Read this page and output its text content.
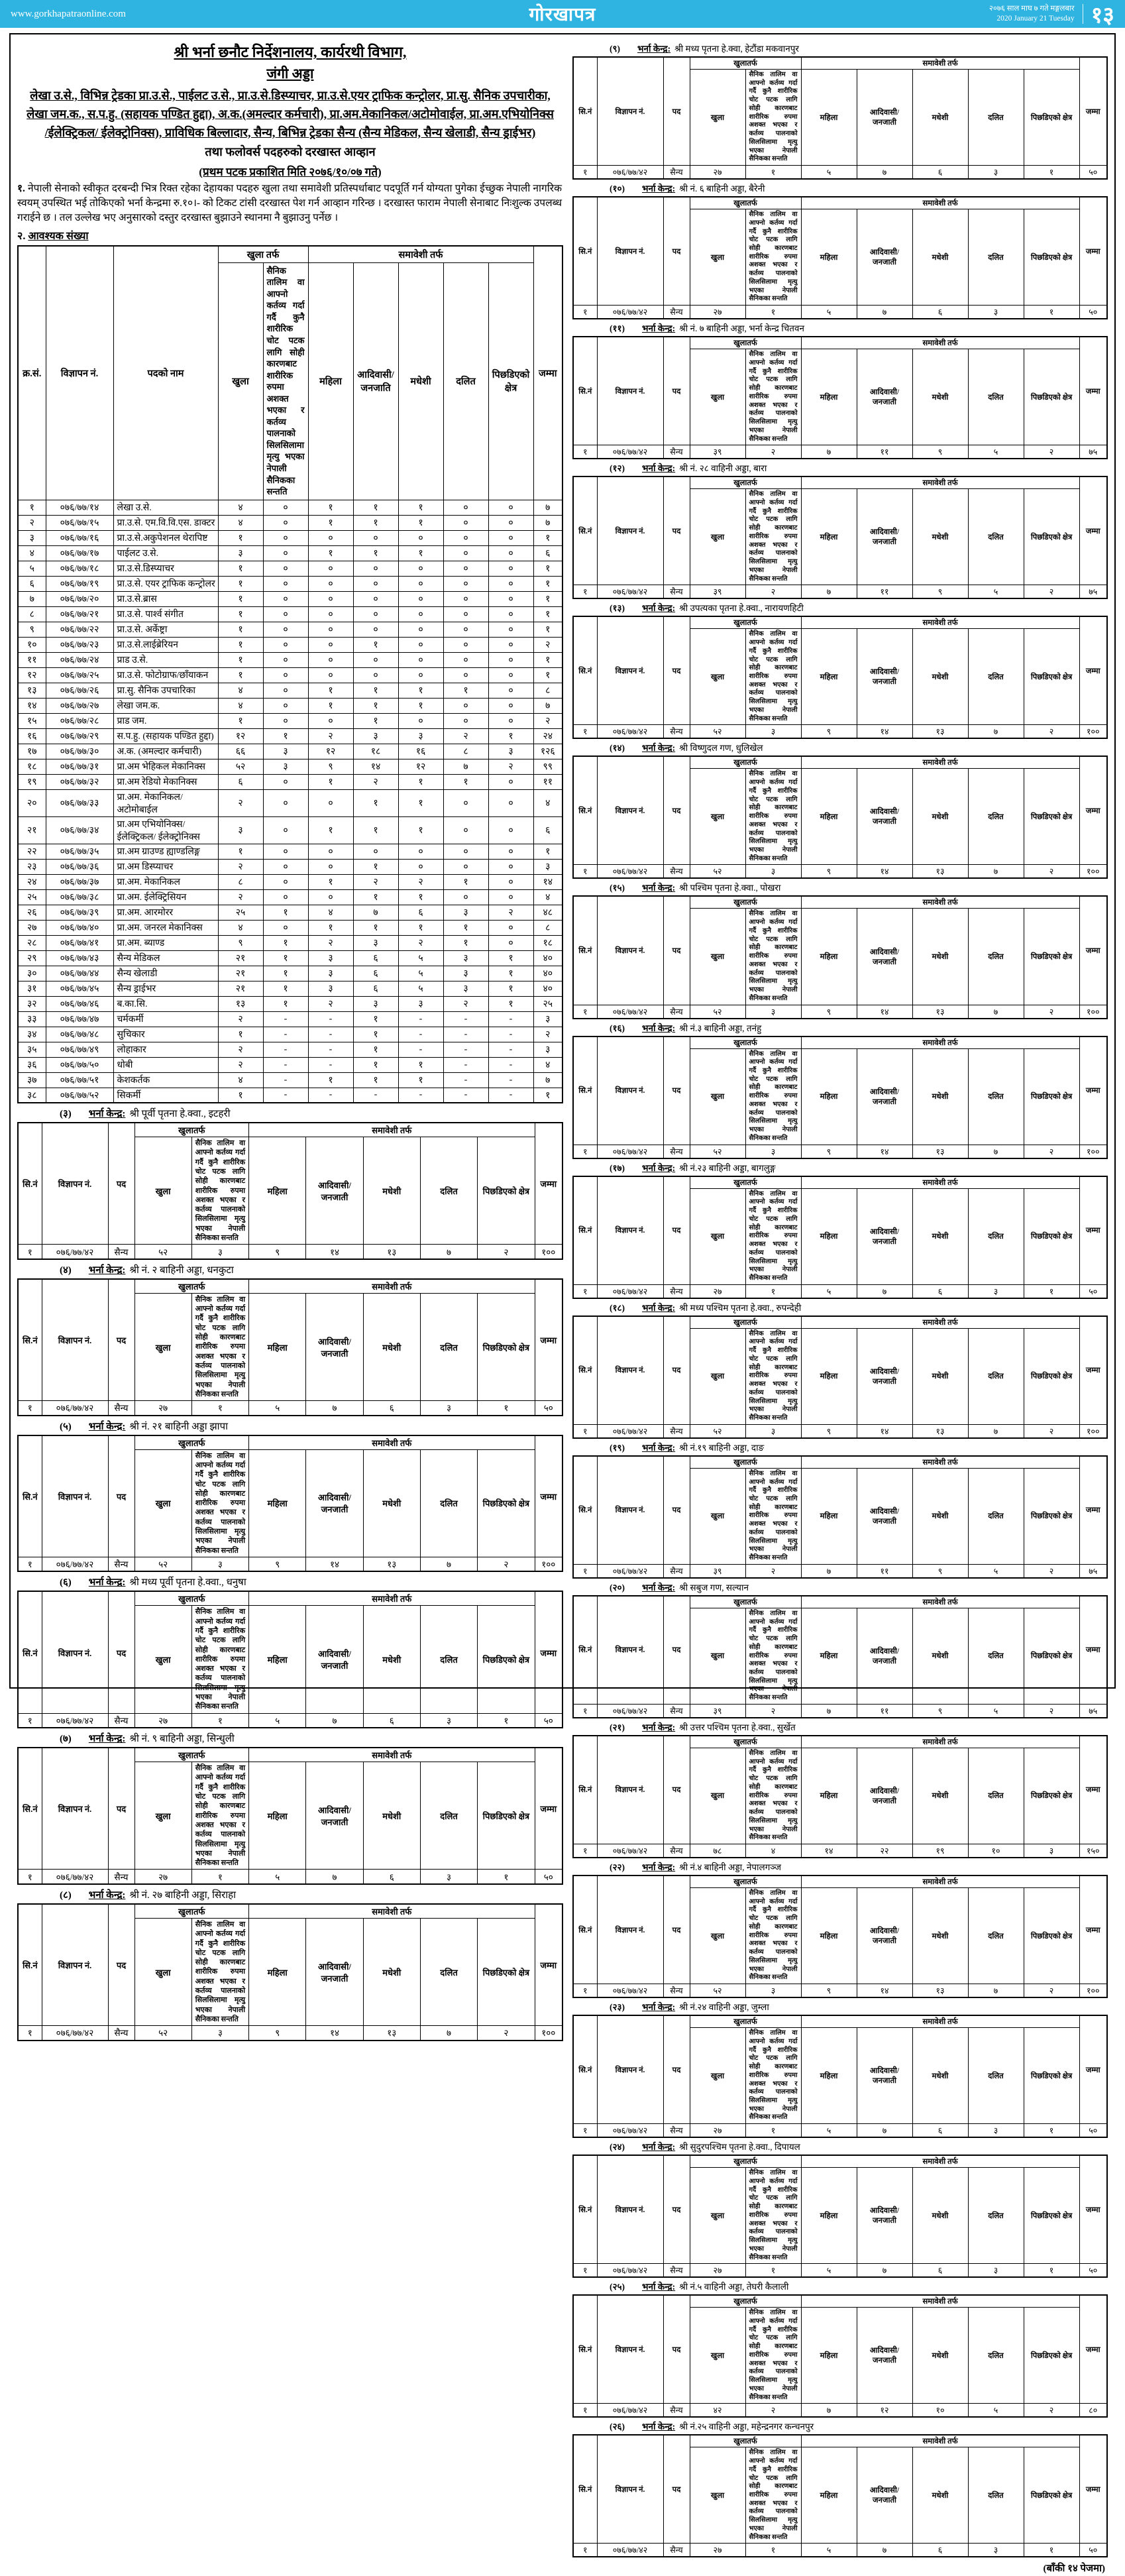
www.gorkhapatraonline.com	गोरखापत्र	२०७६ साल माघ ७ गते मङ्गलबार
2020 January 21 Tuesday १३
श्री भर्ना छनौट निर्देशनालय, कार्यरथी विभाग,
जंगी अड्डा
लेखा उ.से., विभिन्न ट्रेडका प्रा.उ.से., पाईलट उ.से., प्रा.उ.से.डिस्प्याचर, प्रा.उ.से.एयर ट्राफिक कन्ट्रोलर, प्रा.सु. सैनिक उपचारीका,
लेखा जम.क., स.प.हु. (सहायक पण्डित हुद्दा), अ.क.(अमल्दार कर्मचारी), प्रा.अम.मेकानिकल/अटोमोवाईल, प्रा.अम.एभियोनिक्स
/ईलेक्ट्रिकल/ ईलेक्ट्रोनिक्स), प्राविधिक बिल्लादार, सैन्य, बिभिन्न ट्रेडका सैन्य (सैन्य मेडिकल, सैन्य खेलाडी, सैन्य ड्राईभर)
तथा फलोवर्स पदहरुको दरखास्त आव्हान
(प्रथम पटक प्रकाशित मिति २०७६/१०/०७ गते)
१. नेपाली सेनाको स्वीकृत दरबन्दी भित्र रिक्त रहेका देहायका पदहरु खुला तथा समावेशी प्रतिस्पर्धाबाट पदपूर्ति गर्न योग्यता पुगेका ईच्छुक नेपाली नागरिक स्वयम् उपस्थित भई तोकिएको भर्ना केन्द्रमा रु.१०।- को टिकट टांसी दरखास्त पेश गर्न आव्हान गरिन्छ । दरखास्त फाराम नेपाली सेनाबाट निःशुल्क उपलब्ध गराईने छ । तल उल्लेख भए अनुसारको दस्तुर दरखास्त बुझाउने स्थानमा नै बुझाउनु पर्नेछ ।
२. आवश्यक संख्या
क्र.सं.	विज्ञापन नं.	पदको नाम	खुला तर्फ		समावेशी तर्फ					जम्मा
			खुला	सैनिक तालिम वा आफ्नो कर्तव्य गर्दा गर्दै कुनै शारीरिक चोट पटक लागि सोही कारणबाट शारीरिक रुपमा अशक्त भएका र कर्तव्य पालनाको सिलसिलामा मृत्यु भएका नेपाली सैनिकका सन्तति	महिला	आदिवासी/ जनजाति	मधेशी	दलित	पिछडिएको क्षेत्र	
१	०७६/७७/१४	लेखा उ.से.	४	०	१	१	१	०	०	७
२	०७६/७७/१५	प्रा.उ.से. एम.वि.वि.एस. डाक्टर	४	०	१	१	१	०	०	७
३	०७६/७७/१६	प्रा.उ.से.अकुपेशनल थेरापिष्ट	१	०	०	०	०	०	०	१
४	०७६/७७/१७	पाईलट उ.से.	३	०	१	१	१	०	०	६
५	०७६/७७/१८	प्रा.उ.से.डिस्प्याचर	१	०	०	०	०	०	०	१
६	०७६/७७/१९	प्रा.उ.से. एयर ट्राफिक कन्ट्रोलर	१	०	०	०	०	०	०	१
७	०७६/७७/२०	प्रा.उ.से.ब्रास	१	०	०	०	०	०	०	१
८	०७६/७७/२१	प्रा.उ.से. पार्श्व संगीत	१	०	०	०	०	०	०	१
९	०७६/७७/२२	प्रा.उ.से. अर्केष्ट्रा	१	०	०	०	०	०	०	१
१०	०७६/७७/२३	प्रा.उ.से.लाईब्रेरियन	१	०	०	१	०	०	०	२
११	०७६/७७/२४	प्राड उ.से.	१	०	०	०	०	०	०	१
१२	०७६/७७/२५	प्रा.उ.से. फोटोग्राफ/छाँयाकन	१	०	०	०	०	०	०	१
१३	०७६/७७/२६	प्रा.सु. सैनिक उपचारिका	४	०	१	१	१	१	०	८
१४	०७६/७७/२७	लेखा जम.क.	४	०	१	१	१	०	०	७
१५	०७६/७७/२८	प्राड जम.	१	०	०	१	०	०	०	२
१६	०७६/७७/२९	स.प.हु. (सहायक पण्डित हुद्दा)	१२	१	२	३	३	२	१	२४
१७	०७६/७७/३०	अ.क. (अमल्दार कर्मचारी)	६६	३	१२	१८	१६	८	३	१२६
१८	०७६/७७/३१	प्रा.अम भेहिकल मेकानिक्स	५२	३	९	१४	१२	७	२	९९
१९	०७६/७७/३२	प्रा.अम रेडियो मेकानिक्स	६	०	१	२	१	१	०	११
२०	०७६/७७/३३	प्रा.अम. मेकानिकल/अटोमोबाईल	२	०	०	१	१	०	०	४
२१	०७६/७७/३४	प्रा.अम एभियोनिक्स/ईलेक्ट्रिकल/ ईलेक्ट्रोनिक्स	३	०	१	१	१	०	०	६
२२	०७६/७७/३५	प्रा.अम ग्राउण्ड ह्याण्डलिङ्ग	१	०	०	०	०	०	०	१
२३	०७६/७७/३६	प्रा.अम डिस्प्याचर	२	०	०	१	०	०	०	३
२४	०७६/७७/३७	प्रा.अम. मेकानिकल	८	०	१	२	२	१	०	१४
२५	०७६/७७/३८	प्रा.अम. ईलेक्ट्रिसियन	२	०	०	१	१	०	०	४
२६	०७६/७७/३९	प्रा.अम. आरमोरर	२५	१	४	७	६	३	२	४८
२७	०७६/७७/४०	प्रा.अम. जनरल मेकानिक्स	४	०	१	१	१	१	०	८
२८	०७६/७७/४१	प्रा.अम. ब्याण्ड	९	१	२	३	२	१	०	१८
२९	०७६/७७/४३	सैन्य मेडिकल	२१	१	३	६	५	३	१	४०
३०	०७६/७७/४४	सैन्य खेलाडी	२१	१	३	६	५	३	१	४०
३१	०७६/७७/४५	सैन्य ड्राईभर	२१	१	३	६	५	३	१	४०
३२	०७६/७७/४६	ब.का.सि.	१३	१	२	३	३	२	१	२५
३३	०७६/७७/४७	चर्मकर्मी	२	-	-	१	-	-	-	३
३४	०७६/७७/४८	सुचिकार	१	-	-	१	-	-	-	२
३५	०७६/७७/४९	लोहाकार	२	-	-	१	-	-	-	३
३६	०७६/७७/५०	धोबी	२	-	-	१	१	-	-	४
३७	०७६/७७/५१	केशकर्तक	४	-	१	१	१	-	-	७
३८	०७६/७७/५२	सिकर्मी	१	-	-	-	-	-	-	१
(३) भर्ना केन्द्र: श्री पूर्वी पृतना हे.क्वा., इटहरी
सि.नं	विज्ञापन नं.	पद	खुलातर्फ		समावेशी तर्फ					जम्मा
			खुला	सैनिक तालिम वा आफ्नो कर्तव्य गर्दा गर्दै कुनै शारीरिक चोट पटक लागि सोही कारणबाट शारीरिक रुपमा अशक्त भएका र कर्तव्य पालनाको सिलसिलामा मृत्यु भएका नेपाली सैनिकका सन्तति	महिला	आदिवासी/ जनजाती	मधेशी	दलित	पिछडिएको क्षेत्र	
१	०७६/७७/४२	सैन्य	५२	३	९	१४	१३	७	२	१००
(४) भर्ना केन्द्र: श्री नं. २ बाहिनी अड्डा, धनकुटा
सि.नं	विज्ञापन नं.	पद	खुलातर्फ		समावेशी तर्फ					जम्मा
			खुला	सैनिक तालिम वा आफ्नो कर्तव्य गर्दा गर्दै कुनै शारीरिक चोट पटक लागि सोही कारणबाट शारीरिक रुपमा अशक्त भएका र कर्तव्य पालनाको सिलसिलामा मृत्यु भएका नेपाली सैनिकका सन्तति	महिला	आदिवासी/ जनजाती	मधेशी	दलित	पिछडिएको क्षेत्र	
१	०७६/७७/४२	सैन्य	२७	१	५	७	६	३	१	५०
(५) भर्ना केन्द्र: श्री नं. २१ बाहिनी अड्डा झापा
सि.नं	विज्ञापन नं.	पद	खुलातर्फ		समावेशी तर्फ					जम्मा
			खुला	सैनिक तालिम वा आफ्नो कर्तव्य गर्दा गर्दै कुनै शारीरिक चोट पटक लागि सोही कारणबाट शारीरिक रुपमा अशक्त भएका र कर्तव्य पालनाको सिलसिलामा मृत्यु भएका नेपाली सैनिकका सन्तति	महिला	आदिवासी/ जनजाती	मधेशी	दलित	पिछडिएको क्षेत्र	
१	०७६/७७/४२	सैन्य	५२	३	९	१४	१३	७	२	१००
(६) भर्ना केन्द्र: श्री मध्य पूर्वी पृतना हे.क्वा., धनुषा
सि.नं	विज्ञापन नं.	पद	खुलातर्फ		समावेशी तर्फ					जम्मा
			खुला	सैनिक तालिम वा आफ्नो कर्तव्य गर्दा गर्दै कुनै शारीरिक चोट पटक लागि सोही कारणबाट शारीरिक रुपमा अशक्त भएका र कर्तव्य पालनाको सिलसिलामा मृत्यु भएका नेपाली सैनिकका सन्तति	महिला	आदिवासी/ जनजाती	मधेशी	दलित	पिछडिएको क्षेत्र	
१	०७६/७७/४२	सैन्य	२७	१	५	७	६	३	१	५०
(७) भर्ना केन्द्र: श्री नं. ९ बाहिनी अड्डा, सिन्धुली
सि.नं	विज्ञापन नं.	पद	खुलातर्फ		समावेशी तर्फ					जम्मा
			खुला	सैनिक तालिम वा आफ्नो कर्तव्य गर्दा गर्दै कुनै शारीरिक चोट पटक लागि सोही कारणबाट शारीरिक रुपमा अशक्त भएका र कर्तव्य पालनाको सिलसिलामा मृत्यु भएका नेपाली सैनिकका सन्तति	महिला	आदिवासी/ जनजाती	मधेशी	दलित	पिछडिएको क्षेत्र	
१	०७६/७७/४२	सैन्य	२७	१	५	७	६	३	१	५०
(८) भर्ना केन्द्र: श्री नं. २७ बाहिनी अड्डा, सिराहा
सि.नं	विज्ञापन नं.	पद	खुलातर्फ		समावेशी तर्फ					जम्मा
			खुला	सैनिक तालिम वा आफ्नो कर्तव्य गर्दा गर्दै कुनै शारीरिक चोट पटक लागि सोही कारणबाट शारीरिक रुपमा अशक्त भएका र कर्तव्य पालनाको सिलसिलामा मृत्यु भएका नेपाली सैनिकका सन्तति	महिला	आदिवासी/ जनजाती	मधेशी	दलित	पिछडिएको क्षेत्र	
१	०७६/७७/४२	सैन्य	५२	३	९	१४	१३	७	२	१००
(९) भर्ना केन्द्र: श्री मध्य पृतना हे.क्वा, हेटौंडा मकवानपुर
सि.नं	विज्ञापन नं.	पद	खुलातर्फ		समावेशी तर्फ					जम्मा
			खुला	सैनिक तालिम वा आफ्नो कर्तव्य गर्दा गर्दै कुनै शारीरिक चोट पटक लागि सोही कारणबाट शारीरिक रुपमा अशक्त भएका र कर्तव्य पालनाको सिलसिलामा मृत्यु भएका नेपाली सैनिकका सन्तति	महिला	आदिवासी/ जनजाती	मधेशी	दलित	पिछडिएको क्षेत्र	
१	०७६/७७/४२	सैन्य	२७	१	५	७	६	३	१	५०
(१०) भर्ना केन्द्र: श्री नं. ६ बाहिनी अड्डा, बैरेनी
सि.नं	विज्ञापन नं.	पद	खुलातर्फ		समावेशी तर्फ					जम्मा
			खुला	सैनिक तालिम वा आफ्नो कर्तव्य गर्दा गर्दै कुनै शारीरिक चोट पटक लागि सोही कारणबाट शारीरिक रुपमा अशक्त भएका र कर्तव्य पालनाको सिलसिलामा मृत्यु भएका नेपाली सैनिकका सन्तति	महिला	आदिवासी/ जनजाती	मधेशी	दलित	पिछडिएको क्षेत्र	
१	०७६/७७/४२	सैन्य	२७	१	५	७	६	३	१	५०
(११) भर्ना केन्द्र: श्री नं. ७ बाहिनी अड्डा, भर्ना केन्द्र चितवन
सि.नं	विज्ञापन नं.	पद	खुलातर्फ		समावेशी तर्फ					जम्मा
			खुला	सैनिक तालिम वा आफ्नो कर्तव्य गर्दा गर्दै कुनै शारीरिक चोट पटक लागि सोही कारणबाट शारीरिक रुपमा अशक्त भएका र कर्तव्य पालनाको सिलसिलामा मृत्यु भएका नेपाली सैनिकका सन्तति	महिला	आदिवासी/ जनजाती	मधेशी	दलित	पिछडिएको क्षेत्र	
१	०७६/७७/४२	सैन्य	३९	२	७	११	९	५	२	७५
(१२) भर्ना केन्द्र: श्री नं. २८ वाहिनी अड्डा, बारा
सि.नं	विज्ञापन नं.	पद	खुलातर्फ		समावेशी तर्फ					जम्मा
			खुला	सैनिक तालिम वा आफ्नो कर्तव्य गर्दा गर्दै कुनै शारीरिक चोट पटक लागि सोही कारणबाट शारीरिक रुपमा अशक्त भएका र कर्तव्य पालनाको सिलसिलामा मृत्यु भएका नेपाली सैनिकका सन्तति	महिला	आदिवासी/ जनजाती	मधेशी	दलित	पिछडिएको क्षेत्र	
१	०७६/७७/४२	सैन्य	३९	२	७	११	९	५	२	७५
(१३) भर्ना केन्द्र: श्री उपत्यका पृतना हे.क्वा., नारायणहिटी
सि.नं	विज्ञापन नं.	पद	खुलातर्फ		समावेशी तर्फ					जम्मा
			खुला	सैनिक तालिम वा आफ्नो कर्तव्य गर्दा गर्दै कुनै शारीरिक चोट पटक लागि सोही कारणबाट शारीरिक रुपमा अशक्त भएका र कर्तव्य पालनाको सिलसिलामा मृत्यु भएका नेपाली सैनिकका सन्तति	महिला	आदिवासी/ जनजाती	मधेशी	दलित	पिछडिएको क्षेत्र	
१	०७६/७७/४२	सैन्य	५२	३	९	१४	१३	७	२	१००
(१४) भर्ना केन्द्र: श्री विष्णुदल गण, धुलिखेल
सि.नं	विज्ञापन नं.	पद	खुलातर्फ		समावेशी तर्फ					जम्मा
			खुला	सैनिक तालिम वा आफ्नो कर्तव्य गर्दा गर्दै कुनै शारीरिक चोट पटक लागि सोही कारणबाट शारीरिक रुपमा अशक्त भएका र कर्तव्य पालनाको सिलसिलामा मृत्यु भएका नेपाली सैनिकका सन्तति	महिला	आदिवासी/ जनजाती	मधेशी	दलित	पिछडिएको क्षेत्र	
१	०७६/७७/४२	सैन्य	५२	३	९	१४	१३	७	२	१००
(१५) भर्ना केन्द्र: श्री पश्चिम पृतना हे.क्वा., पोखरा
सि.नं	विज्ञापन नं.	पद	खुलातर्फ		समावेशी तर्फ					जम्मा
			खुला	सैनिक तालिम वा आफ्नो कर्तव्य गर्दा गर्दै कुनै शारीरिक चोट पटक लागि सोही कारणबाट शारीरिक रुपमा अशक्त भएका र कर्तव्य पालनाको सिलसिलामा मृत्यु भएका नेपाली सैनिकका सन्तति	महिला	आदिवासी/ जनजाती	मधेशी	दलित	पिछडिएको क्षेत्र	
१	०७६/७७/४२	सैन्य	५२	३	९	१४	१३	७	२	१००
(१६) भर्ना केन्द्र: श्री नं.३ बाहिनी अड्डा, तनंहु
सि.नं	विज्ञापन नं.	पद	खुलातर्फ		समावेशी तर्फ					जम्मा
			खुला	सैनिक तालिम वा आफ्नो कर्तव्य गर्दा गर्दै कुनै शारीरिक चोट पटक लागि सोही कारणबाट शारीरिक रुपमा अशक्त भएका र कर्तव्य पालनाको सिलसिलामा मृत्यु भएका नेपाली सैनिकका सन्तति	महिला	आदिवासी/ जनजाती	मधेशी	दलित	पिछडिएको क्षेत्र	
१	०७६/७७/४२	सैन्य	५२	३	९	१४	१३	७	२	१००
(१७) भर्ना केन्द्र: श्री नं.२३ बाहिनी अड्डा, बागलुङ्ग
सि.नं	विज्ञापन नं.	पद	खुलातर्फ		समावेशी तर्फ					जम्मा
			खुला	सैनिक तालिम वा आफ्नो कर्तव्य गर्दा गर्दै कुनै शारीरिक चोट पटक लागि सोही कारणबाट शारीरिक रुपमा अशक्त भएका र कर्तव्य पालनाको सिलसिलामा मृत्यु भएका नेपाली सैनिकका सन्तति	महिला	आदिवासी/ जनजाती	मधेशी	दलित	पिछडिएको क्षेत्र	
१	०७६/७७/४२	सैन्य	२७	१	५	७	६	३	१	५०
(१८) भर्ना केन्द्र: श्री मध्य पश्चिम पृतना हे.क्वा., रुपन्देही
सि.नं	विज्ञापन नं.	पद	खुलातर्फ		समावेशी तर्फ					जम्मा
			खुला	सैनिक तालिम वा आफ्नो कर्तव्य गर्दा गर्दै कुनै शारीरिक चोट पटक लागि सोही कारणबाट शारीरिक रुपमा अशक्त भएका र कर्तव्य पालनाको सिलसिलामा मृत्यु भएका नेपाली सैनिकका सन्तति	महिला	आदिवासी/ जनजाती	मधेशी	दलित	पिछडिएको क्षेत्र	
१	०७६/७७/४२	सैन्य	५२	३	९	१४	१३	७	२	१००
(१९) भर्ना केन्द्र: श्री नं.१९ बाहिनी अड्डा, दाङ
सि.नं	विज्ञापन नं.	पद	खुलातर्फ		समावेशी तर्फ					जम्मा
			खुला	सैनिक तालिम वा आफ्नो कर्तव्य गर्दा गर्दै कुनै शारीरिक चोट पटक लागि सोही कारणबाट शारीरिक रुपमा अशक्त भएका र कर्तव्य पालनाको सिलसिलामा मृत्यु भएका नेपाली सैनिकका सन्तति	महिला	आदिवासी/ जनजाती	मधेशी	दलित	पिछडिएको क्षेत्र	
१	०७६/७७/४२	सैन्य	३९	२	७	११	९	५	२	७५
(२०) भर्ना केन्द्र: श्री सबुज गण, सल्यान
सि.नं	विज्ञापन नं.	पद	खुलातर्फ		समावेशी तर्फ					जम्मा
			खुला	सैनिक तालिम वा आफ्नो कर्तव्य गर्दा गर्दै कुनै शारीरिक चोट पटक लागि सोही कारणबाट शारीरिक रुपमा अशक्त भएका र कर्तव्य पालनाको सिलसिलामा मृत्यु भएका नेपाली सैनिकका सन्तति	महिला	आदिवासी/ जनजाती	मधेशी	दलित	पिछडिएको क्षेत्र	
१	०७६/७७/४२	सैन्य	३९	२	७	११	९	५	२	७५
(२१) भर्ना केन्द्र: श्री उत्तर पश्चिम पृतना हे.क्वा., सुर्खेत
सि.नं	विज्ञापन नं.	पद	खुलातर्फ		समावेशी तर्फ					जम्मा
			खुला	सैनिक तालिम वा आफ्नो कर्तव्य गर्दा गर्दै कुनै शारीरिक चोट पटक लागि सोही कारणबाट शारीरिक रुपमा अशक्त भएका र कर्तव्य पालनाको सिलसिलामा मृत्यु भएका नेपाली सैनिकका सन्तति	महिला	आदिवासी/ जनजाती	मधेशी	दलित	पिछडिएको क्षेत्र	
१	०७६/७७/४२	सैन्य	७८	४	१४	२२	१९	१०	३	१५०
(२२) भर्ना केन्द्र: श्री नं.४ बाहिनी अड्डा, नेपालगञ्ज
सि.नं	विज्ञापन नं.	पद	खुलातर्फ		समावेशी तर्फ					जम्मा
			खुला	सैनिक तालिम वा आफ्नो कर्तव्य गर्दा गर्दै कुनै शारीरिक चोट पटक लागि सोही कारणबाट शारीरिक रुपमा अशक्त भएका र कर्तव्य पालनाको सिलसिलामा मृत्यु भएका नेपाली सैनिकका सन्तति	महिला	आदिवासी/ जनजाती	मधेशी	दलित	पिछडिएको क्षेत्र	
१	०७६/७७/४२	सैन्य	५२	३	९	१४	१३	७	२	१००
(२३) भर्ना केन्द्र: श्री नं.२४ वाहिनी अड्डा, जुम्ला
सि.नं	विज्ञापन नं.	पद	खुलातर्फ		समावेशी तर्फ					जम्मा
			खुला	सैनिक तालिम वा आफ्नो कर्तव्य गर्दा गर्दै कुनै शारीरिक चोट पटक लागि सोही कारणबाट शारीरिक रुपमा अशक्त भएका र कर्तव्य पालनाको सिलसिलामा मृत्यु भएका नेपाली सैनिकका सन्तति	महिला	आदिवासी/ जनजाती	मधेशी	दलित	पिछडिएको क्षेत्र	
१	०७६/७७/४२	सैन्य	२७	१	५	७	६	३	१	५०
(२४) भर्ना केन्द्र: श्री सुदुरपश्चिम पृतना हे.क्वा., दिपायल
सि.नं	विज्ञापन नं.	पद	खुलातर्फ		समावेशी तर्फ					जम्मा
			खुला	सैनिक तालिम वा आफ्नो कर्तव्य गर्दा गर्दै कुनै शारीरिक चोट पटक लागि सोही कारणबाट शारीरिक रुपमा अशक्त भएका र कर्तव्य पालनाको सिलसिलामा मृत्यु भएका नेपाली सैनिकका सन्तति	महिला	आदिवासी/ जनजाती	मधेशी	दलित	पिछडिएको क्षेत्र	
१	०७६/७७/४२	सैन्य	२७	१	५	७	६	३	१	५०
(२५) भर्ना केन्द्र: श्री नं.५ वाहिनी अड्डा, तेघरी कैलाली
सि.नं	विज्ञापन नं.	पद	खुलातर्फ		समावेशी तर्फ					जम्मा
			खुला	सैनिक तालिम वा आफ्नो कर्तव्य गर्दा गर्दै कुनै शारीरिक चोट पटक लागि सोही कारणबाट शारीरिक रुपमा अशक्त भएका र कर्तव्य पालनाको सिलसिलामा मृत्यु भएका नेपाली सैनिकका सन्तति	महिला	आदिवासी/ जनजाती	मधेशी	दलित	पिछडिएको क्षेत्र	
१	०७६/७७/४२	सैन्य	४२	२	७	१२	१०	५	२	८०
(२६) भर्ना केन्द्र: श्री नं.२५ वाहिनी अड्डा, महेन्द्रनगर कन्चनपुर
सि.नं	विज्ञापन नं.	पद	खुलातर्फ		समावेशी तर्फ					जम्मा
			खुला	सैनिक तालिम वा आफ्नो कर्तव्य गर्दा गर्दै कुनै शारीरिक चोट पटक लागि सोही कारणबाट शारीरिक रुपमा अशक्त भएका र कर्तव्य पालनाको सिलसिलामा मृत्यु भएका नेपाली सैनिकका सन्तति	महिला	आदिवासी/ जनजाती	मधेशी	दलित	पिछडिएको क्षेत्र	
१	०७६/७७/४२	सैन्य	२७	१	५	७	६	३	१	५०
(बाँकी १४ पेजमा)
